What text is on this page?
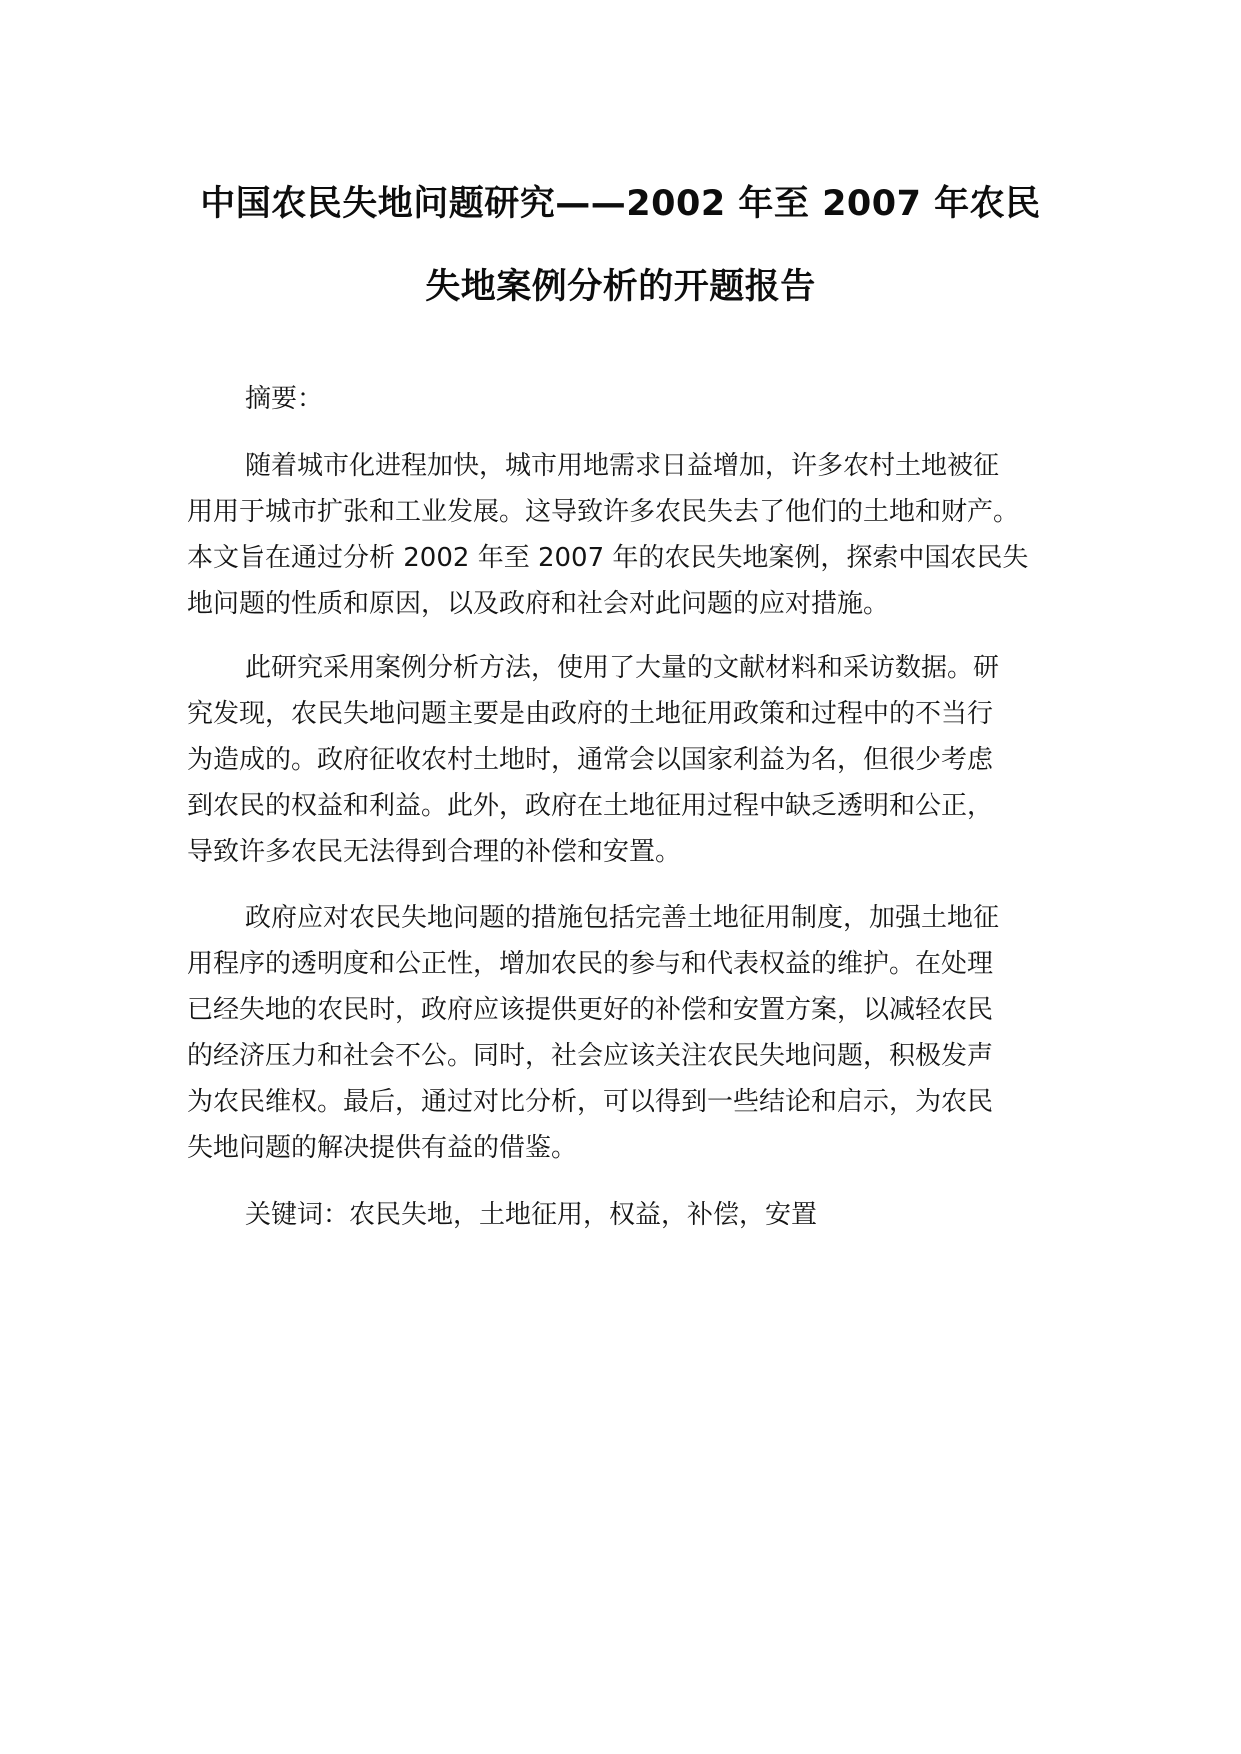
中国农民失地问题研究——2002 年至 2007 年农民
失地案例分析的开题报告
摘要：
随着城市化进程加快，城市用地需求日益增加，许多农村土地被征
用用于城市扩张和工业发展。这导致许多农民失去了他们的土地和财产。
本文旨在通过分析 2002 年至 2007 年的农民失地案例，探索中国农民失
地问题的性质和原因，以及政府和社会对此问题的应对措施。
此研究采用案例分析方法，使用了大量的文献材料和采访数据。研
究发现，农民失地问题主要是由政府的土地征用政策和过程中的不当行
为造成的。政府征收农村土地时，通常会以国家利益为名，但很少考虑
到农民的权益和利益。此外，政府在土地征用过程中缺乏透明和公正，
导致许多农民无法得到合理的补偿和安置。
政府应对农民失地问题的措施包括完善土地征用制度，加强土地征
用程序的透明度和公正性，增加农民的参与和代表权益的维护。在处理
已经失地的农民时，政府应该提供更好的补偿和安置方案，以减轻农民
的经济压力和社会不公。同时，社会应该关注农民失地问题，积极发声
为农民维权。最后，通过对比分析，可以得到一些结论和启示，为农民
失地问题的解决提供有益的借鉴。
关键词：农民失地，土地征用，权益，补偿，安置
